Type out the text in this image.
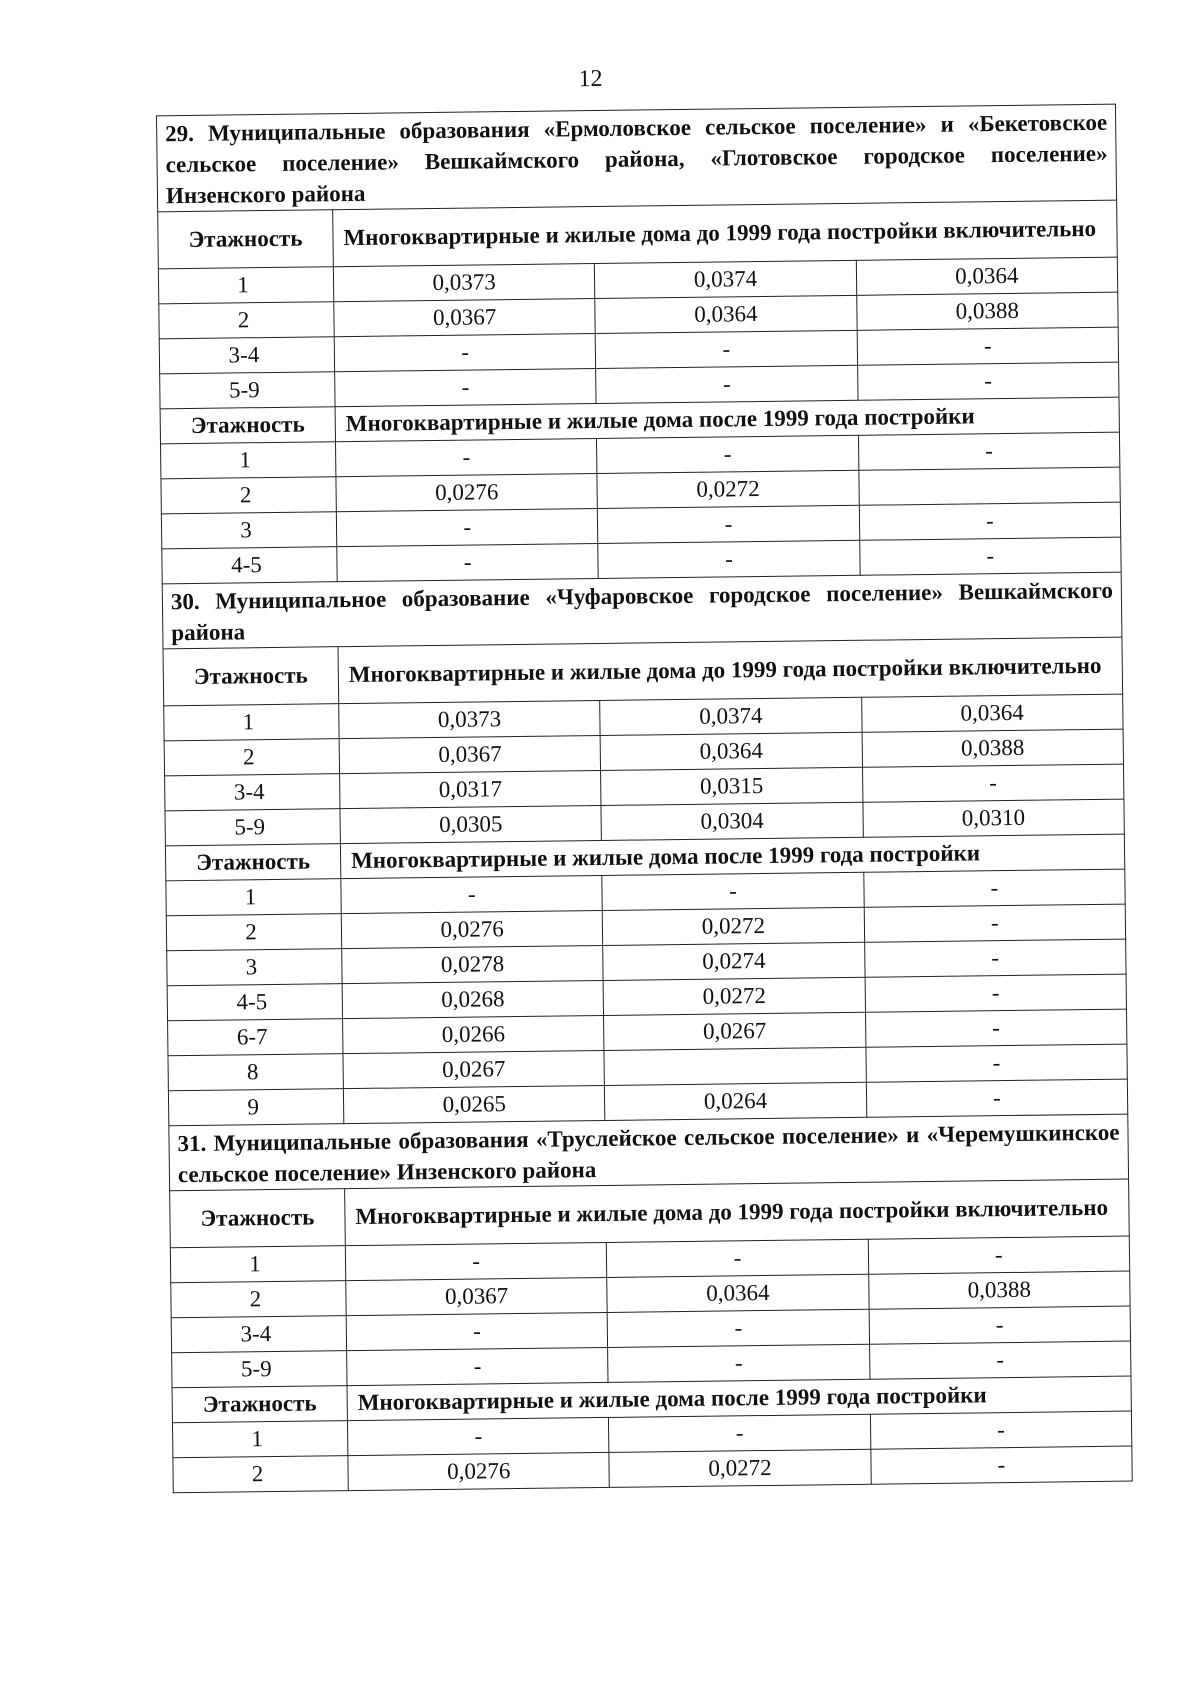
12
29. Муниципальные образования «Ермоловское сельское поселение» и «Бекетовское сельское поселение» Вешкаймского района, «Глотовское городское поселение» Инзенского района			
Этажность	Многоквартирные и жилые дома до 1999 года постройки включительно		
1	0,0373	0,0374	0,0364
2	0,0367	0,0364	0,0388
3-4	-	-	-
5-9	-	-	-
Этажность	Многоквартирные и жилые дома после 1999 года постройки		
1	-	-	-
2	0,0276	0,0272	
3	-	-	-
4-5	-	-	-
30. Муниципальное образование «Чуфаровское городское поселение» Вешкаймского района			
Этажность	Многоквартирные и жилые дома до 1999 года постройки включительно		
1	0,0373	0,0374	0,0364
2	0,0367	0,0364	0,0388
3-4	0,0317	0,0315	-
5-9	0,0305	0,0304	0,0310
Этажность	Многоквартирные и жилые дома после 1999 года постройки		
1	-	-	-
2	0,0276	0,0272	-
3	0,0278	0,0274	-
4-5	0,0268	0,0272	-
6-7	0,0266	0,0267	-
8	0,0267		-
9	0,0265	0,0264	-
31. Муниципальные образования «Труслейское сельское поселение» и «Черемушкинское сельское поселение» Инзенского района			
Этажность	Многоквартирные и жилые дома до 1999 года постройки включительно		
1	-	-	-
2	0,0367	0,0364	0,0388
3-4	-	-	-
5-9	-	-	-
Этажность	Многоквартирные и жилые дома после 1999 года постройки		
1	-	-	-
2	0,0276	0,0272	-
